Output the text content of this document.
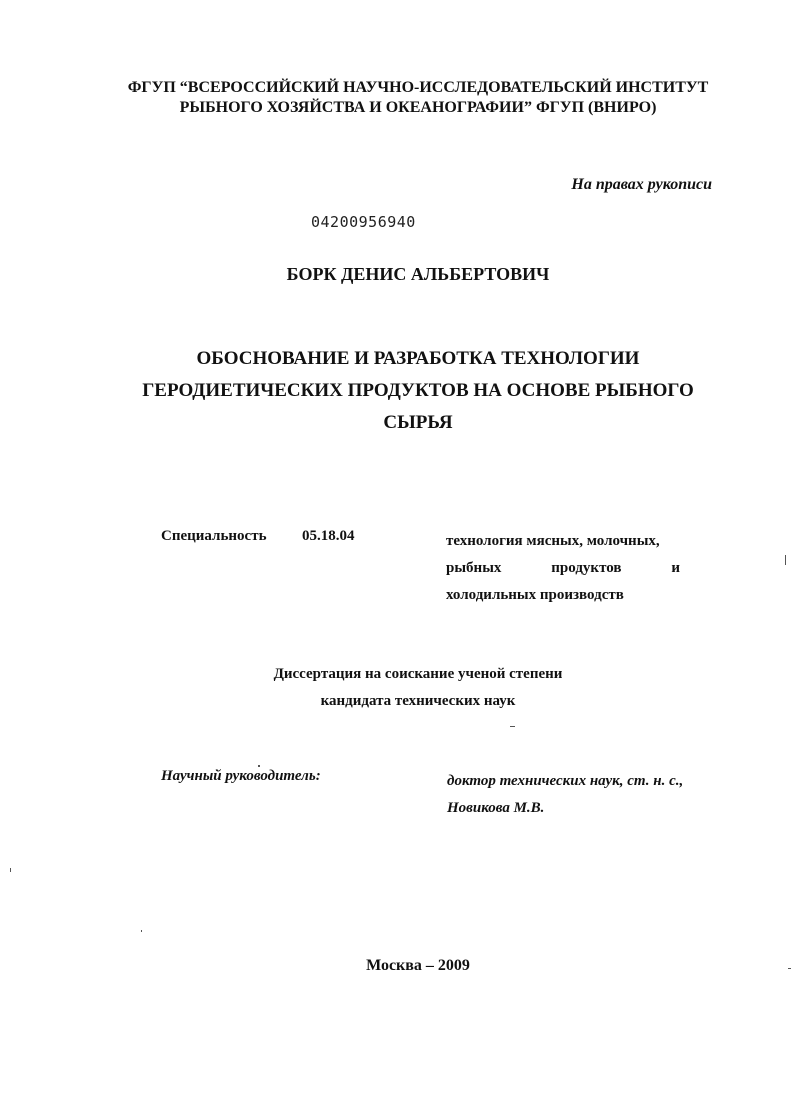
ФГУП “ВСЕРОССИЙСКИЙ НАУЧНО-ИССЛЕДОВАТЕЛЬСКИЙ ИНСТИТУТ
РЫБНОГО ХОЗЯЙСТВА И ОКЕАНОГРАФИИ” ФГУП (ВНИРО)
На правах рукописи
04200956940
БОРК ДЕНИС АЛЬБЕРТОВИЧ
ОБОСНОВАНИЕ И РАЗРАБОТКА ТЕХНОЛОГИИ
ГЕРОДИЕТИЧЕСКИХ ПРОДУКТОВ НА ОСНОВЕ РЫБНОГО
СЫРЬЯ
Специальность 05.18.04	технология мясных, молочных,
рыбных	продуктов	и
холодильных производств
Диссертация на соискание ученой степени
кандидата технических наук
Научный руководитель:	доктор технических наук, ст. н. с.,
Новикова М.В.
Москва – 2009
